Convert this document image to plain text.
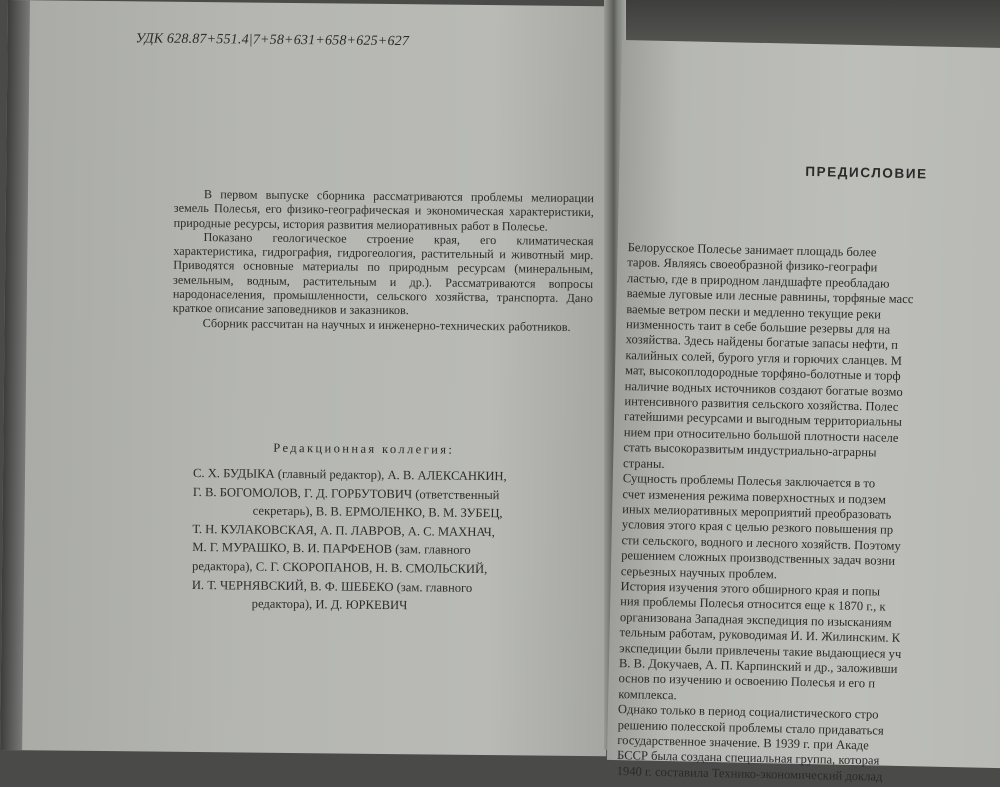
УДК 628.87+551.4|7+58+631+658+625+627

В первом выпуске сборника рассматриваются проблемы мелиорации земель Полесья, его физико-географическая и экономическая характеристики, природные ресурсы, история развития мелиоративных работ в Полесье.

Показано геологическое строение края, его климатическая характеристика, гидрография, гидрогеология, растительный и животный мир. Приводятся основные материалы по природным ресурсам (минеральным, земельным, водным, растительным и др.). Рассматриваются вопросы народонаселения, промышленности, сельского хозяйства, транспорта. Дано краткое описание заповедников и заказников.

Сборник рассчитан на научных и инженерно-технических работников.

Редакционная коллегия:
С. Х. БУДЫКА (главный редактор), А. В. АЛЕКСАНКИН,
Г. В. БОГОМОЛОВ, Г. Д. ГОРБУТОВИЧ (ответственный
секретарь), В. В. ЕРМОЛЕНКО, В. М. ЗУБЕЦ,
Т. Н. КУЛАКОВСКАЯ, А. П. ЛАВРОВ, А. С. МАХНАЧ,
М. Г. МУРАШКО, В. И. ПАРФЕНОВ (зам. главного
редактора), С. Г. СКОРОПАНОВ, Н. В. СМОЛЬСКИЙ,
И. Т. ЧЕРНЯВСКИЙ, В. Ф. ШЕБЕКО (зам. главного
редактора), И. Д. ЮРКЕВИЧ
ПРЕДИСЛОВИЕ
Белорусское Полесье занимает площадь более
таров. Являясь своеобразной физико-географи
ластью, где в природном ландшафте преобладаю
ваемые луговые или лесные равнины, торфяные масс
ваемые ветром пески и медленно текущие реки
низменность таит в себе большие резервы для на
хозяйства. Здесь найдены богатые запасы нефти, п
калийных солей, бурого угля и горючих сланцев. М
мат, высокоплодородные торфяно-болотные и торф
наличие водных источников создают богатые возмо
интенсивного развития сельского хозяйства. Полес
гатейшими ресурсами и выгодным территориальны
нием при относительно большой плотности населе
стать высокоразвитым индустриально-аграрны
страны.
Сущность проблемы Полесья заключается в то
счет изменения режима поверхностных и подзем
иных мелиоративных мероприятий преобразовать
условия этого края с целью резкого повышения пр
сти сельского, водного и лесного хозяйств. Поэтому
решением сложных производственных задач возни
серьезных научных проблем.
История изучения этого обширного края и попы
ния проблемы Полесья относится еще к 1870 г., к
организована Западная экспедиция по изысканиям
тельным работам, руководимая И. И. Жилинским. К
экспедиции были привлечены такие выдающиеся уч
В. В. Докучаев, А. П. Карпинский и др., заложивши
основ по изучению и освоению Полесья и его п
комплекса.
Однако только в период социалистического стро
решению полесской проблемы стало придаваться
государственное значение. В 1939 г. при Акаде
БССР была создана специальная группа, которая
1940 г. составила Технико-экономический доклад
